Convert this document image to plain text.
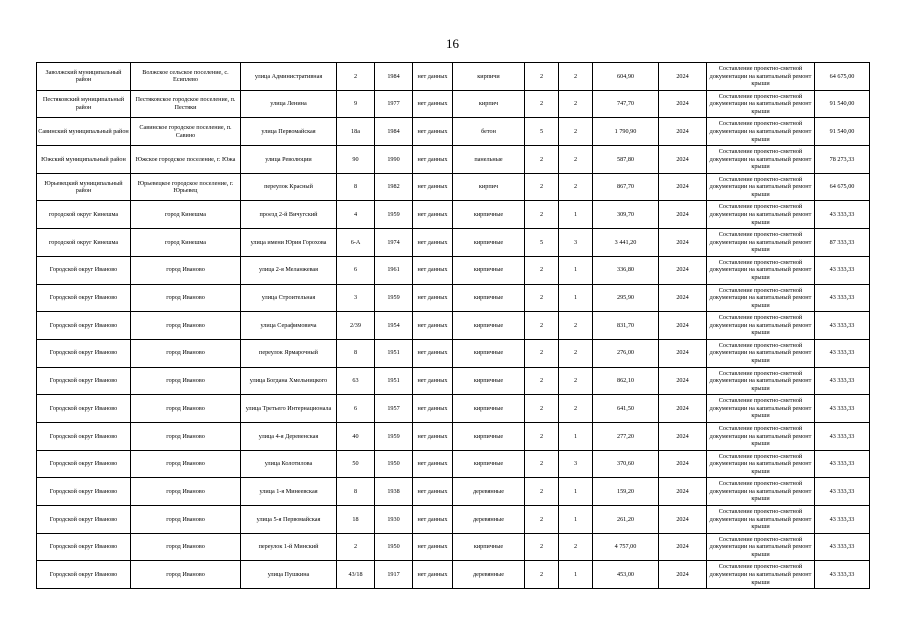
16
Заволжский муниципальный район	Волжское сельское поселение, с. Есиплево	улица Административная	2	1984	нет данных	кирпичи	2	2	604,90	2024	Составление проектно-сметной документации на капитальный ремонт крыши	64 675,00
Пестяковский муниципальный район	Пестяковское городское поселение, п. Пестяки	улица Ленина	9	1977	нет данных	кирпич	2	2	747,70	2024	Составление проектно-сметной документации на капитальный ремонт крыши	91 540,00
Савинский муниципальный район	Савинское городское поселение, п. Савино	улица Первомайская	18а	1984	нет данных	бетон	5	2	1 790,90	2024	Составление проектно-сметной документации на капитальный ремонт крыши	91 540,00
Южский муниципальный район	Южское городское поселение, г. Южа	улица Революции	90	1990	нет данных	панельные	2	2	587,80	2024	Составление проектно-сметной документации на капитальный ремонт крыши	78 273,33
Юрьевецкий муниципальный район	Юрьевецкое городское поселение, г. Юрьевец	переулок Красный	8	1982	нет данных	кирпич	2	2	867,70	2024	Составление проектно-сметной документации на капитальный ремонт крыши	64 675,00
городской округ Кинешма	город Кинешма	проезд 2-й Вичугский	4	1959	нет данных	кирпичные	2	1	309,70	2024	Составление проектно-сметной документации на капитальный ремонт крыши	43 333,33
городской округ Кинешма	город Кинешма	улица имени Юрия Горохова	6-А	1974	нет данных	кирпичные	5	3	3 441,20	2024	Составление проектно-сметной документации на капитальный ремонт крыши	87 333,33
Городской округ Иваново	город Иваново	улица 2-я Меланжевая	6	1961	нет данных	кирпичные	2	1	336,80	2024	Составление проектно-сметной документации на капитальный ремонт крыши	43 333,33
Городской округ Иваново	город Иваново	улица Строительная	3	1959	нет данных	кирпичные	2	1	295,90	2024	Составление проектно-сметной документации на капитальный ремонт крыши	43 333,33
Городской округ Иваново	город Иваново	улица Серафимовича	2/39	1954	нет данных	кирпичные	2	2	831,70	2024	Составление проектно-сметной документации на капитальный ремонт крыши	43 333,33
Городской округ Иваново	город Иваново	переулок Ярмарочный	8	1951	нет данных	кирпичные	2	2	276,00	2024	Составление проектно-сметной документации на капитальный ремонт крыши	43 333,33
Городской округ Иваново	город Иваново	улица Богдана Хмельницкого	63	1951	нет данных	кирпичные	2	2	862,10	2024	Составление проектно-сметной документации на капитальный ремонт крыши	43 333,33
Городской округ Иваново	город Иваново	улица Третьего Интернационала	6	1957	нет данных	кирпичные	2	2	641,50	2024	Составление проектно-сметной документации на капитальный ремонт крыши	43 333,33
Городской округ Иваново	город Иваново	улица 4-я Деревенская	40	1959	нет данных	кирпичные	2	1	277,20	2024	Составление проектно-сметной документации на капитальный ремонт крыши	43 333,33
Городской округ Иваново	город Иваново	улица Колотилова	50	1950	нет данных	кирпичные	2	3	370,60	2024	Составление проектно-сметной документации на капитальный ремонт крыши	43 333,33
Городской округ Иваново	город Иваново	улица 1-я Минеевская	8	1938	нет данных	деревянные	2	1	159,20	2024	Составление проектно-сметной документации на капитальный ремонт крыши	43 333,33
Городской округ Иваново	город Иваново	улица 5-я Первомайская	18	1930	нет данных	деревянные	2	1	261,20	2024	Составление проектно-сметной документации на капитальный ремонт крыши	43 333,33
Городской округ Иваново	город Иваново	переулок 1-й Минский	2	1950	нет данных	кирпичные	2	2	4 757,00	2024	Составление проектно-сметной документации на капитальный ремонт крыши	43 333,33
Городской округ Иваново	город Иваново	улица Пушкина	43/18	1917	нет данных	деревянные	2	1	453,00	2024	Составление проектно-сметной документации на капитальный ремонт крыши	43 333,33
